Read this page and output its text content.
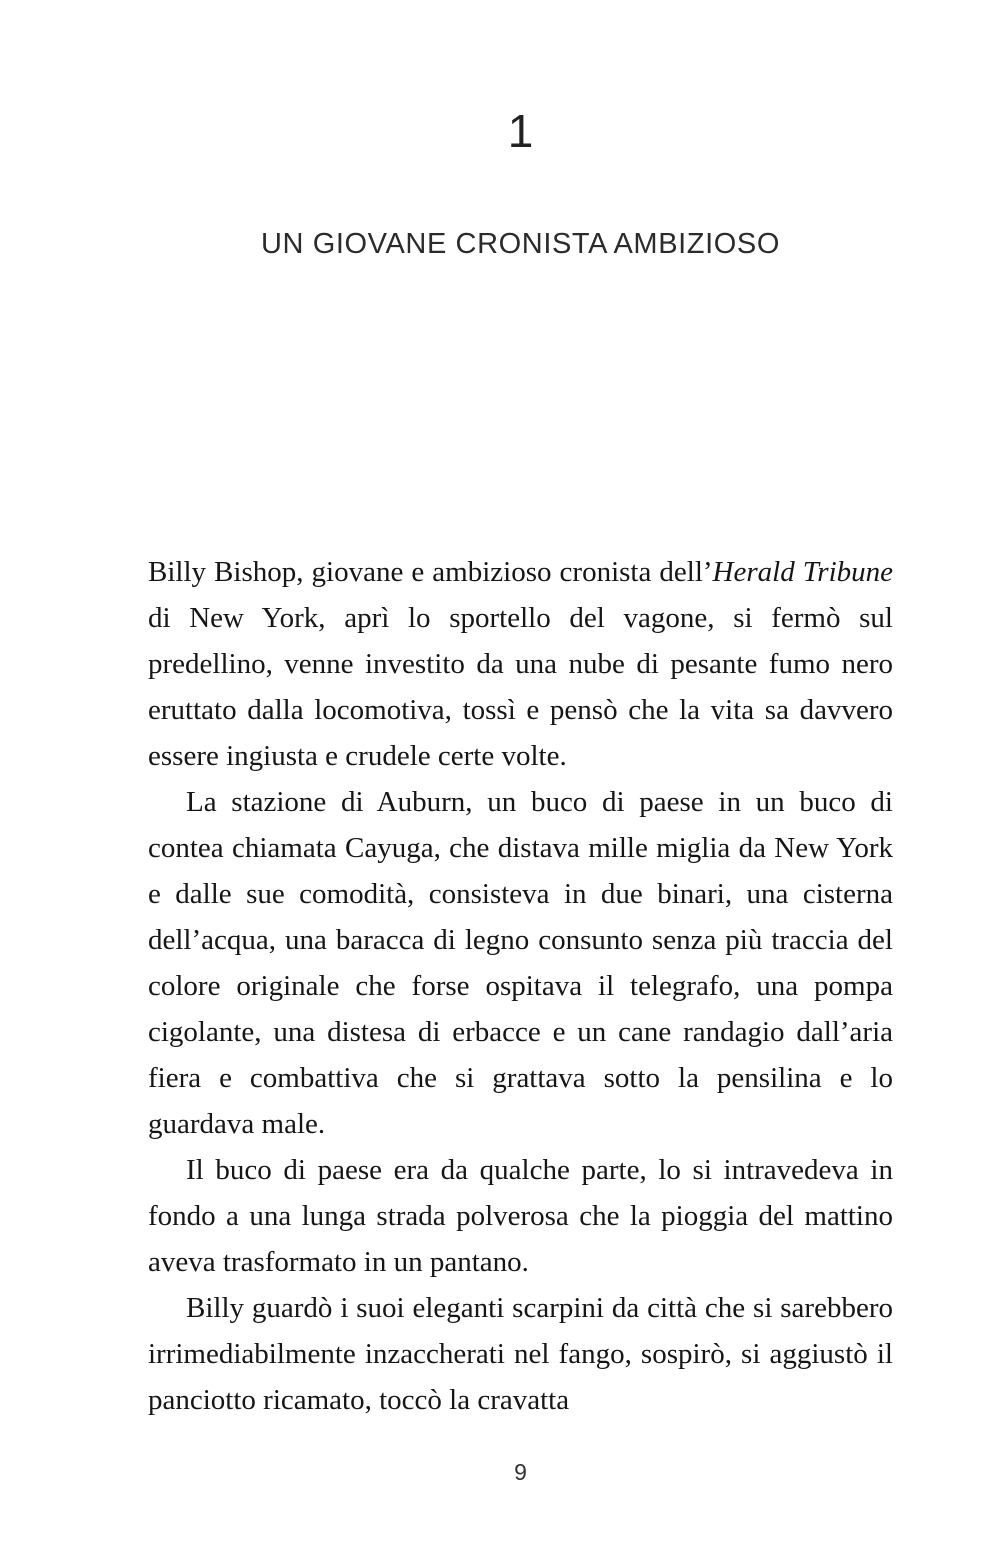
1
UN GIOVANE CRONISTA AMBIZIOSO

Billy Bishop, giovane e ambizioso cronista dell’Herald Tribune di New York, aprì lo sportello del vagone, si fermò sul predellino, venne investito da una nube di pesante fumo nero eruttato dalla locomotiva, tossì e pensò che la vita sa davvero essere ingiusta e crudele certe volte.

La stazione di Auburn, un buco di paese in un buco di contea chiamata Cayuga, che distava mille miglia da New York e dalle sue comodità, consisteva in due binari, una cisterna dell’acqua, una baracca di legno consunto senza più traccia del colore originale che forse ospitava il telegrafo, una pompa cigolante, una distesa di erbacce e un cane randagio dall’aria fiera e combattiva che si grattava sotto la pensilina e lo guardava male.

Il buco di paese era da qualche parte, lo si intravedeva in fondo a una lunga strada polverosa che la pioggia del mattino aveva trasformato in un pantano.

Billy guardò i suoi eleganti scarpini da città che si sarebbero irrimediabilmente inzaccherati nel fango, sospirò, si aggiustò il panciotto ricamato, toccò la cravatta

9
